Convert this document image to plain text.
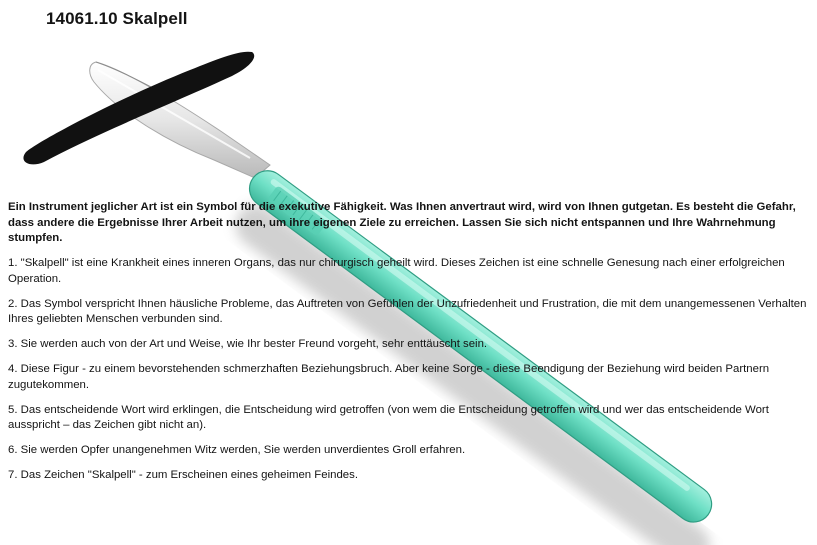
14061.10 Skalpell

Ein Instrument jeglicher Art ist ein Symbol für die exekutive Fähigkeit. Was Ihnen anvertraut wird, wird von Ihnen gutgetan. Es besteht die Gefahr, dass andere die Ergebnisse Ihrer Arbeit nutzen, um ihre eigenen Ziele zu erreichen. Lassen Sie sich nicht entspannen und Ihre Wahrnehmung stumpfen.

1. "Skalpell" ist eine Krankheit eines inneren Organs, das nur chirurgisch geheilt wird. Dieses Zeichen ist eine schnelle Genesung nach einer erfolgreichen Operation.

2. Das Symbol verspricht Ihnen häusliche Probleme, das Auftreten von Gefühlen der Unzufriedenheit und Frustration, die mit dem unangemessenen Verhalten Ihres geliebten Menschen verbunden sind.

3. Sie werden auch von der Art und Weise, wie Ihr bester Freund vorgeht, sehr enttäuscht sein.

4. Diese Figur - zu einem bevorstehenden schmerzhaften Beziehungsbruch. Aber keine Sorge - diese Beendigung der Beziehung wird beiden Partnern zugutekommen.

5. Das entscheidende Wort wird erklingen, die Entscheidung wird getroffen (von wem die Entscheidung getroffen wird und wer das entscheidende Wort ausspricht – das Zeichen gibt nicht an).

6. Sie werden Opfer unangenehmen Witz werden, Sie werden unverdientes Groll erfahren.

7. Das Zeichen "Skalpell" - zum Erscheinen eines geheimen Feindes.
